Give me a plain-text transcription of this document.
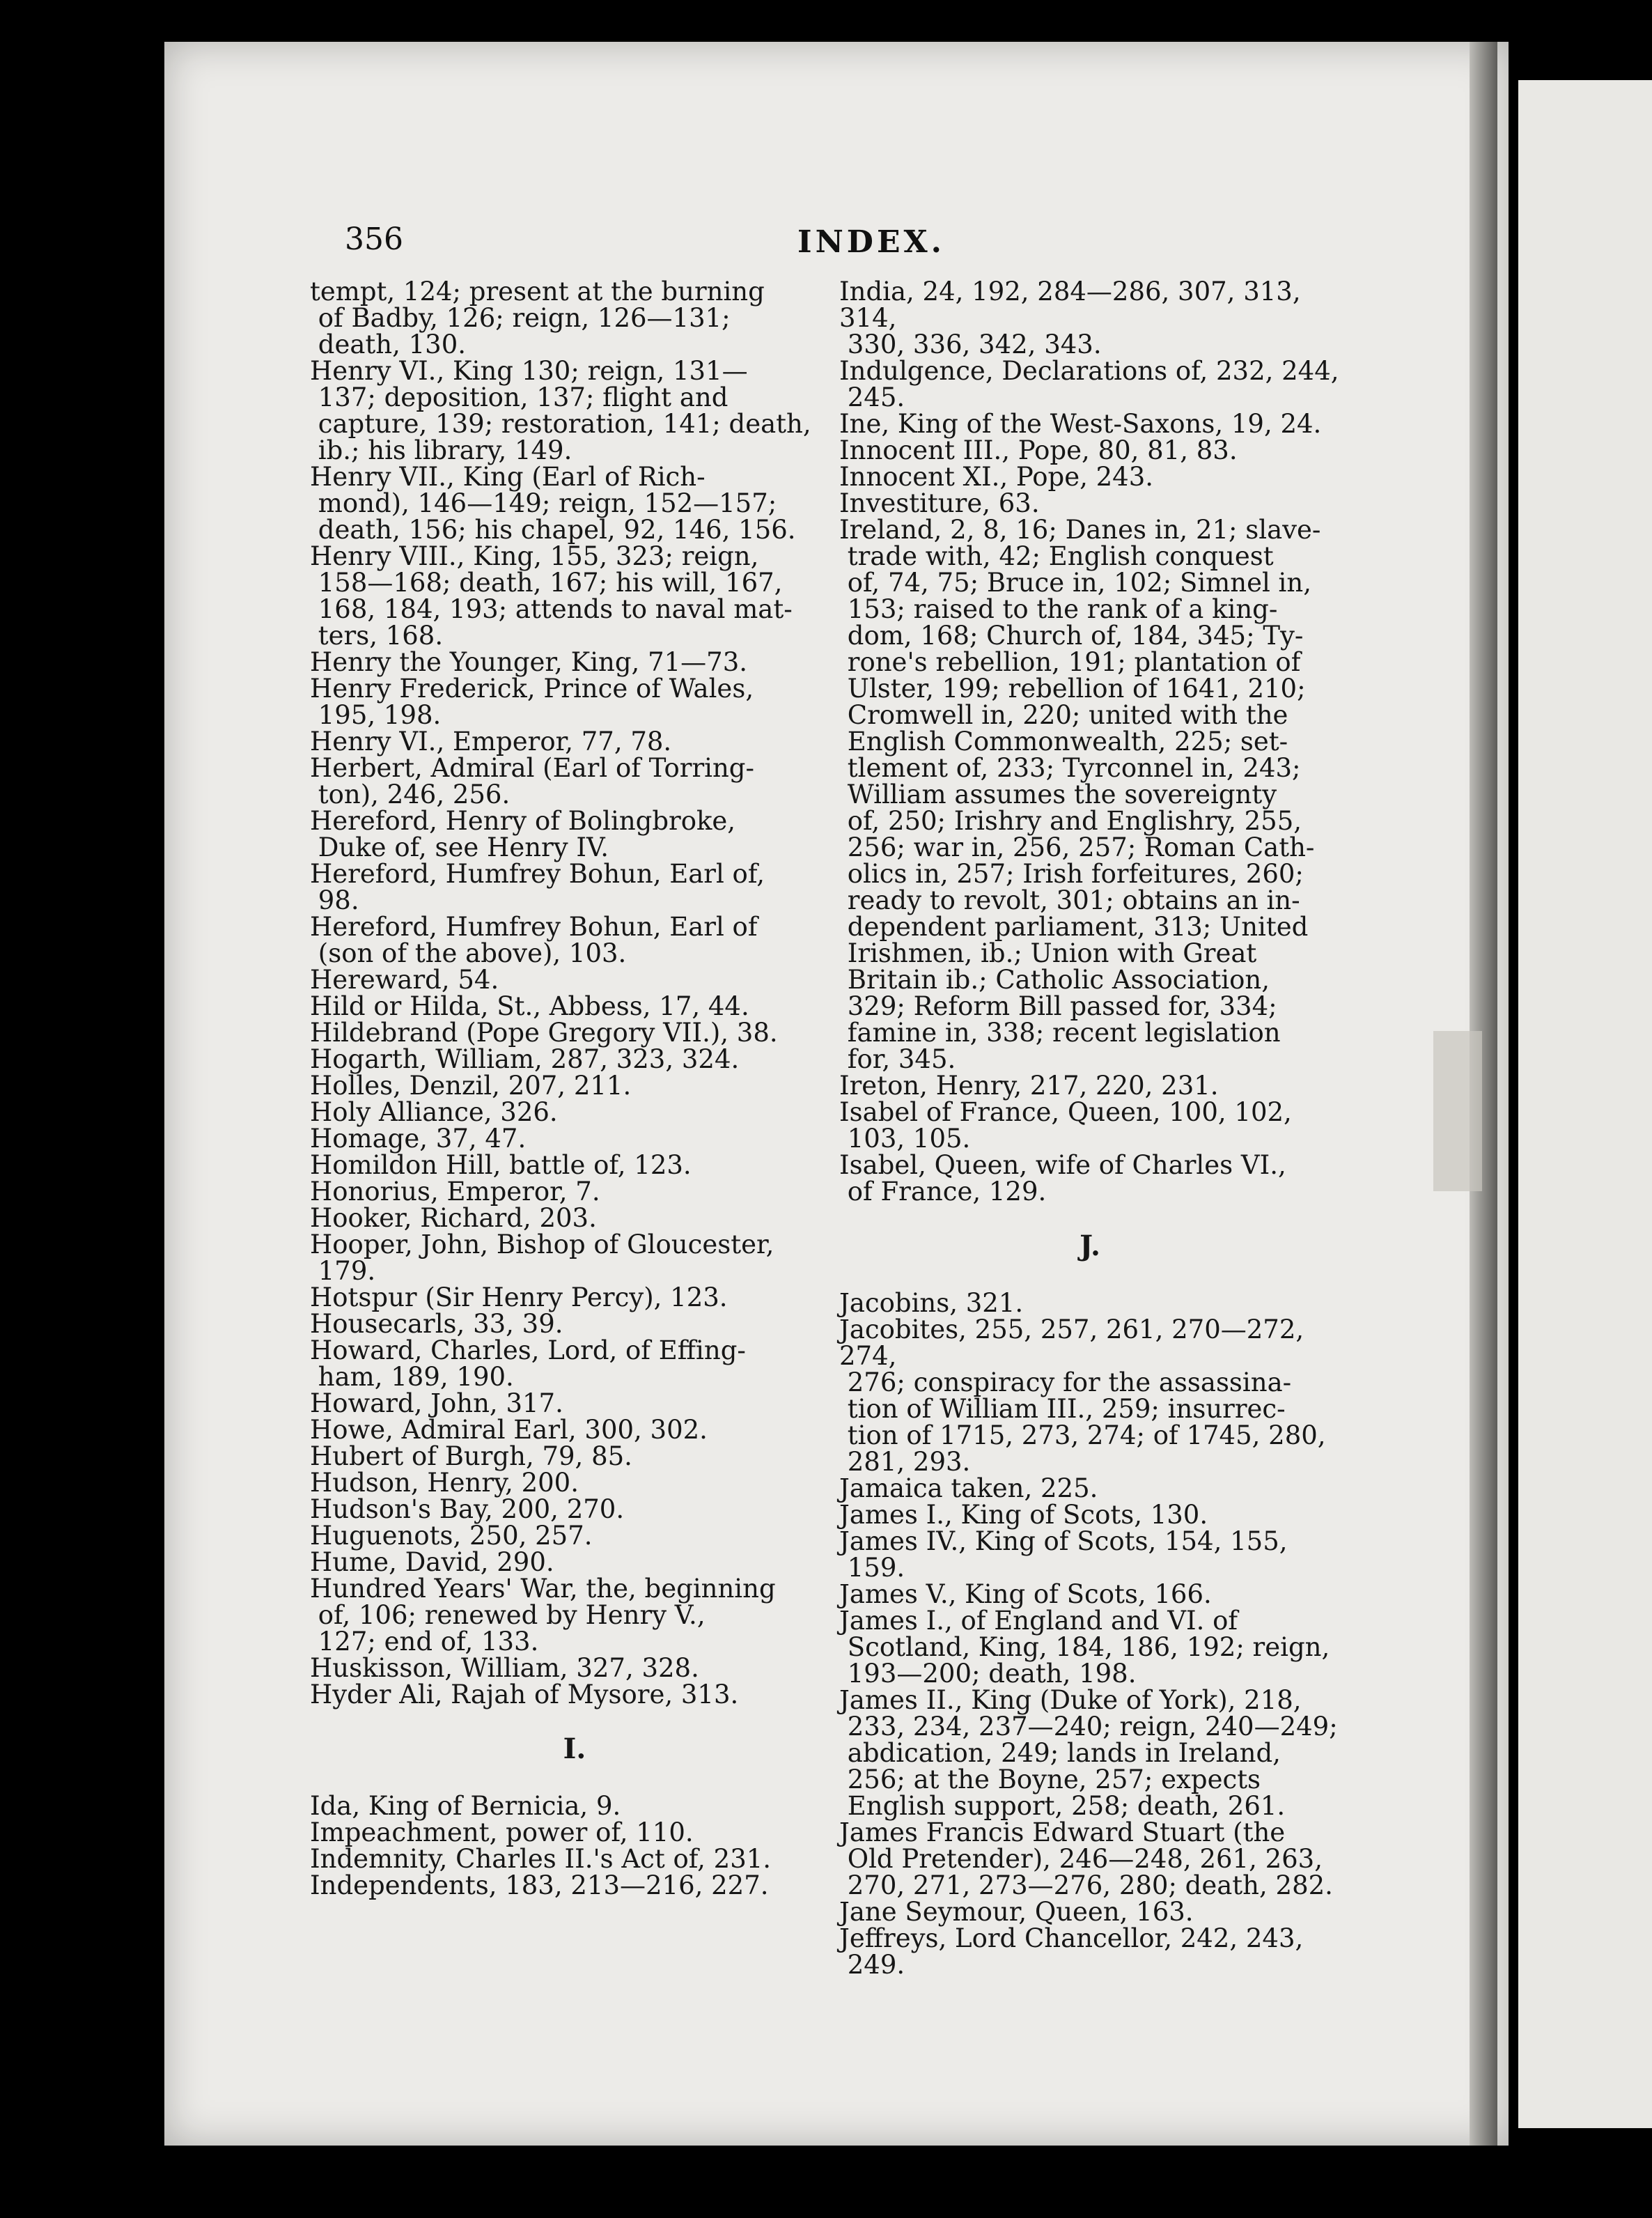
356	INDEX.
tempt, 124; present at the burning
of Badby, 126; reign, 126—131;
death, 130.
Henry VI., King 130; reign, 131—
137; deposition, 137; flight and
capture, 139; restoration, 141; death,
ib.; his library, 149.
Henry VII., King (Earl of Rich-
mond), 146—149; reign, 152—157;
death, 156; his chapel, 92, 146, 156.
Henry VIII., King, 155, 323; reign,
158—168; death, 167; his will, 167,
168, 184, 193; attends to naval mat-
ters, 168.
Henry the Younger, King, 71—73.
Henry Frederick, Prince of Wales,
195, 198.
Henry VI., Emperor, 77, 78.
Herbert, Admiral (Earl of Torring-
ton), 246, 256.
Hereford, Henry of Bolingbroke,
Duke of, see Henry IV.
Hereford, Humfrey Bohun, Earl of,
98.
Hereford, Humfrey Bohun, Earl of
(son of the above), 103.
Hereward, 54.
Hild or Hilda, St., Abbess, 17, 44.
Hildebrand (Pope Gregory VII.), 38.
Hogarth, William, 287, 323, 324.
Holles, Denzil, 207, 211.
Holy Alliance, 326.
Homage, 37, 47.
Homildon Hill, battle of, 123.
Honorius, Emperor, 7.
Hooker, Richard, 203.
Hooper, John, Bishop of Gloucester,
179.
Hotspur (Sir Henry Percy), 123.
Housecarls, 33, 39.
Howard, Charles, Lord, of Effing-
ham, 189, 190.
Howard, John, 317.
Howe, Admiral Earl, 300, 302.
Hubert of Burgh, 79, 85.
Hudson, Henry, 200.
Hudson's Bay, 200, 270.
Huguenots, 250, 257.
Hume, David, 290.
Hundred Years' War, the, beginning
of, 106; renewed by Henry V.,
127; end of, 133.
Huskisson, William, 327, 328.
Hyder Ali, Rajah of Mysore, 313.
I.
Ida, King of Bernicia, 9.
Impeachment, power of, 110.
Indemnity, Charles II.'s Act of, 231.
Independents, 183, 213—216, 227.
India, 24, 192, 284—286, 307, 313, 314,
330, 336, 342, 343.
Indulgence, Declarations of, 232, 244,
245.
Ine, King of the West-Saxons, 19, 24.
Innocent III., Pope, 80, 81, 83.
Innocent XI., Pope, 243.
Investiture, 63.
Ireland, 2, 8, 16; Danes in, 21; slave-
trade with, 42; English conquest
of, 74, 75; Bruce in, 102; Simnel in,
153; raised to the rank of a king-
dom, 168; Church of, 184, 345; Ty-
rone's rebellion, 191; plantation of
Ulster, 199; rebellion of 1641, 210;
Cromwell in, 220; united with the
English Commonwealth, 225; set-
tlement of, 233; Tyrconnel in, 243;
William assumes the sovereignty
of, 250; Irishry and Englishry, 255,
256; war in, 256, 257; Roman Cath-
olics in, 257; Irish forfeitures, 260;
ready to revolt, 301; obtains an in-
dependent parliament, 313; United
Irishmen, ib.; Union with Great
Britain ib.; Catholic Association,
329; Reform Bill passed for, 334;
famine in, 338; recent legislation
for, 345.
Ireton, Henry, 217, 220, 231.
Isabel of France, Queen, 100, 102,
103, 105.
Isabel, Queen, wife of Charles VI.,
of France, 129.
J.
Jacobins, 321.
Jacobites, 255, 257, 261, 270—272, 274,
276; conspiracy for the assassina-
tion of William III., 259; insurrec-
tion of 1715, 273, 274; of 1745, 280,
281, 293.
Jamaica taken, 225.
James I., King of Scots, 130.
James IV., King of Scots, 154, 155,
159.
James V., King of Scots, 166.
James I., of England and VI. of
Scotland, King, 184, 186, 192; reign,
193—200; death, 198.
James II., King (Duke of York), 218,
233, 234, 237—240; reign, 240—249;
abdication, 249; lands in Ireland,
256; at the Boyne, 257; expects
English support, 258; death, 261.
James Francis Edward Stuart (the
Old Pretender), 246—248, 261, 263,
270, 271, 273—276, 280; death, 282.
Jane Seymour, Queen, 163.
Jeffreys, Lord Chancellor, 242, 243,
249.
